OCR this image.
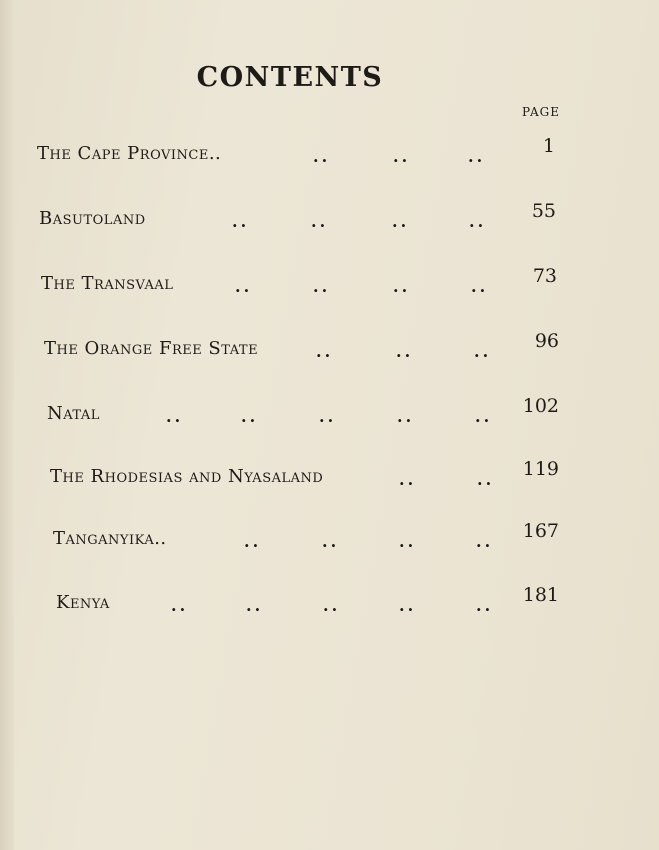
CONTENTS
PAGE
The Cape Province..	..	..	..	1
Basutoland	..	..	..	..	55
The Transvaal	..	..	..	..	73
The Orange Free State	..	..	..	96
Natal	..	..	..	..	..	102
The Rhodesias and Nyasaland	..	..	119
Tanganyika..	..	..	..	..	167
Kenya	..	..	..	..	..	181
